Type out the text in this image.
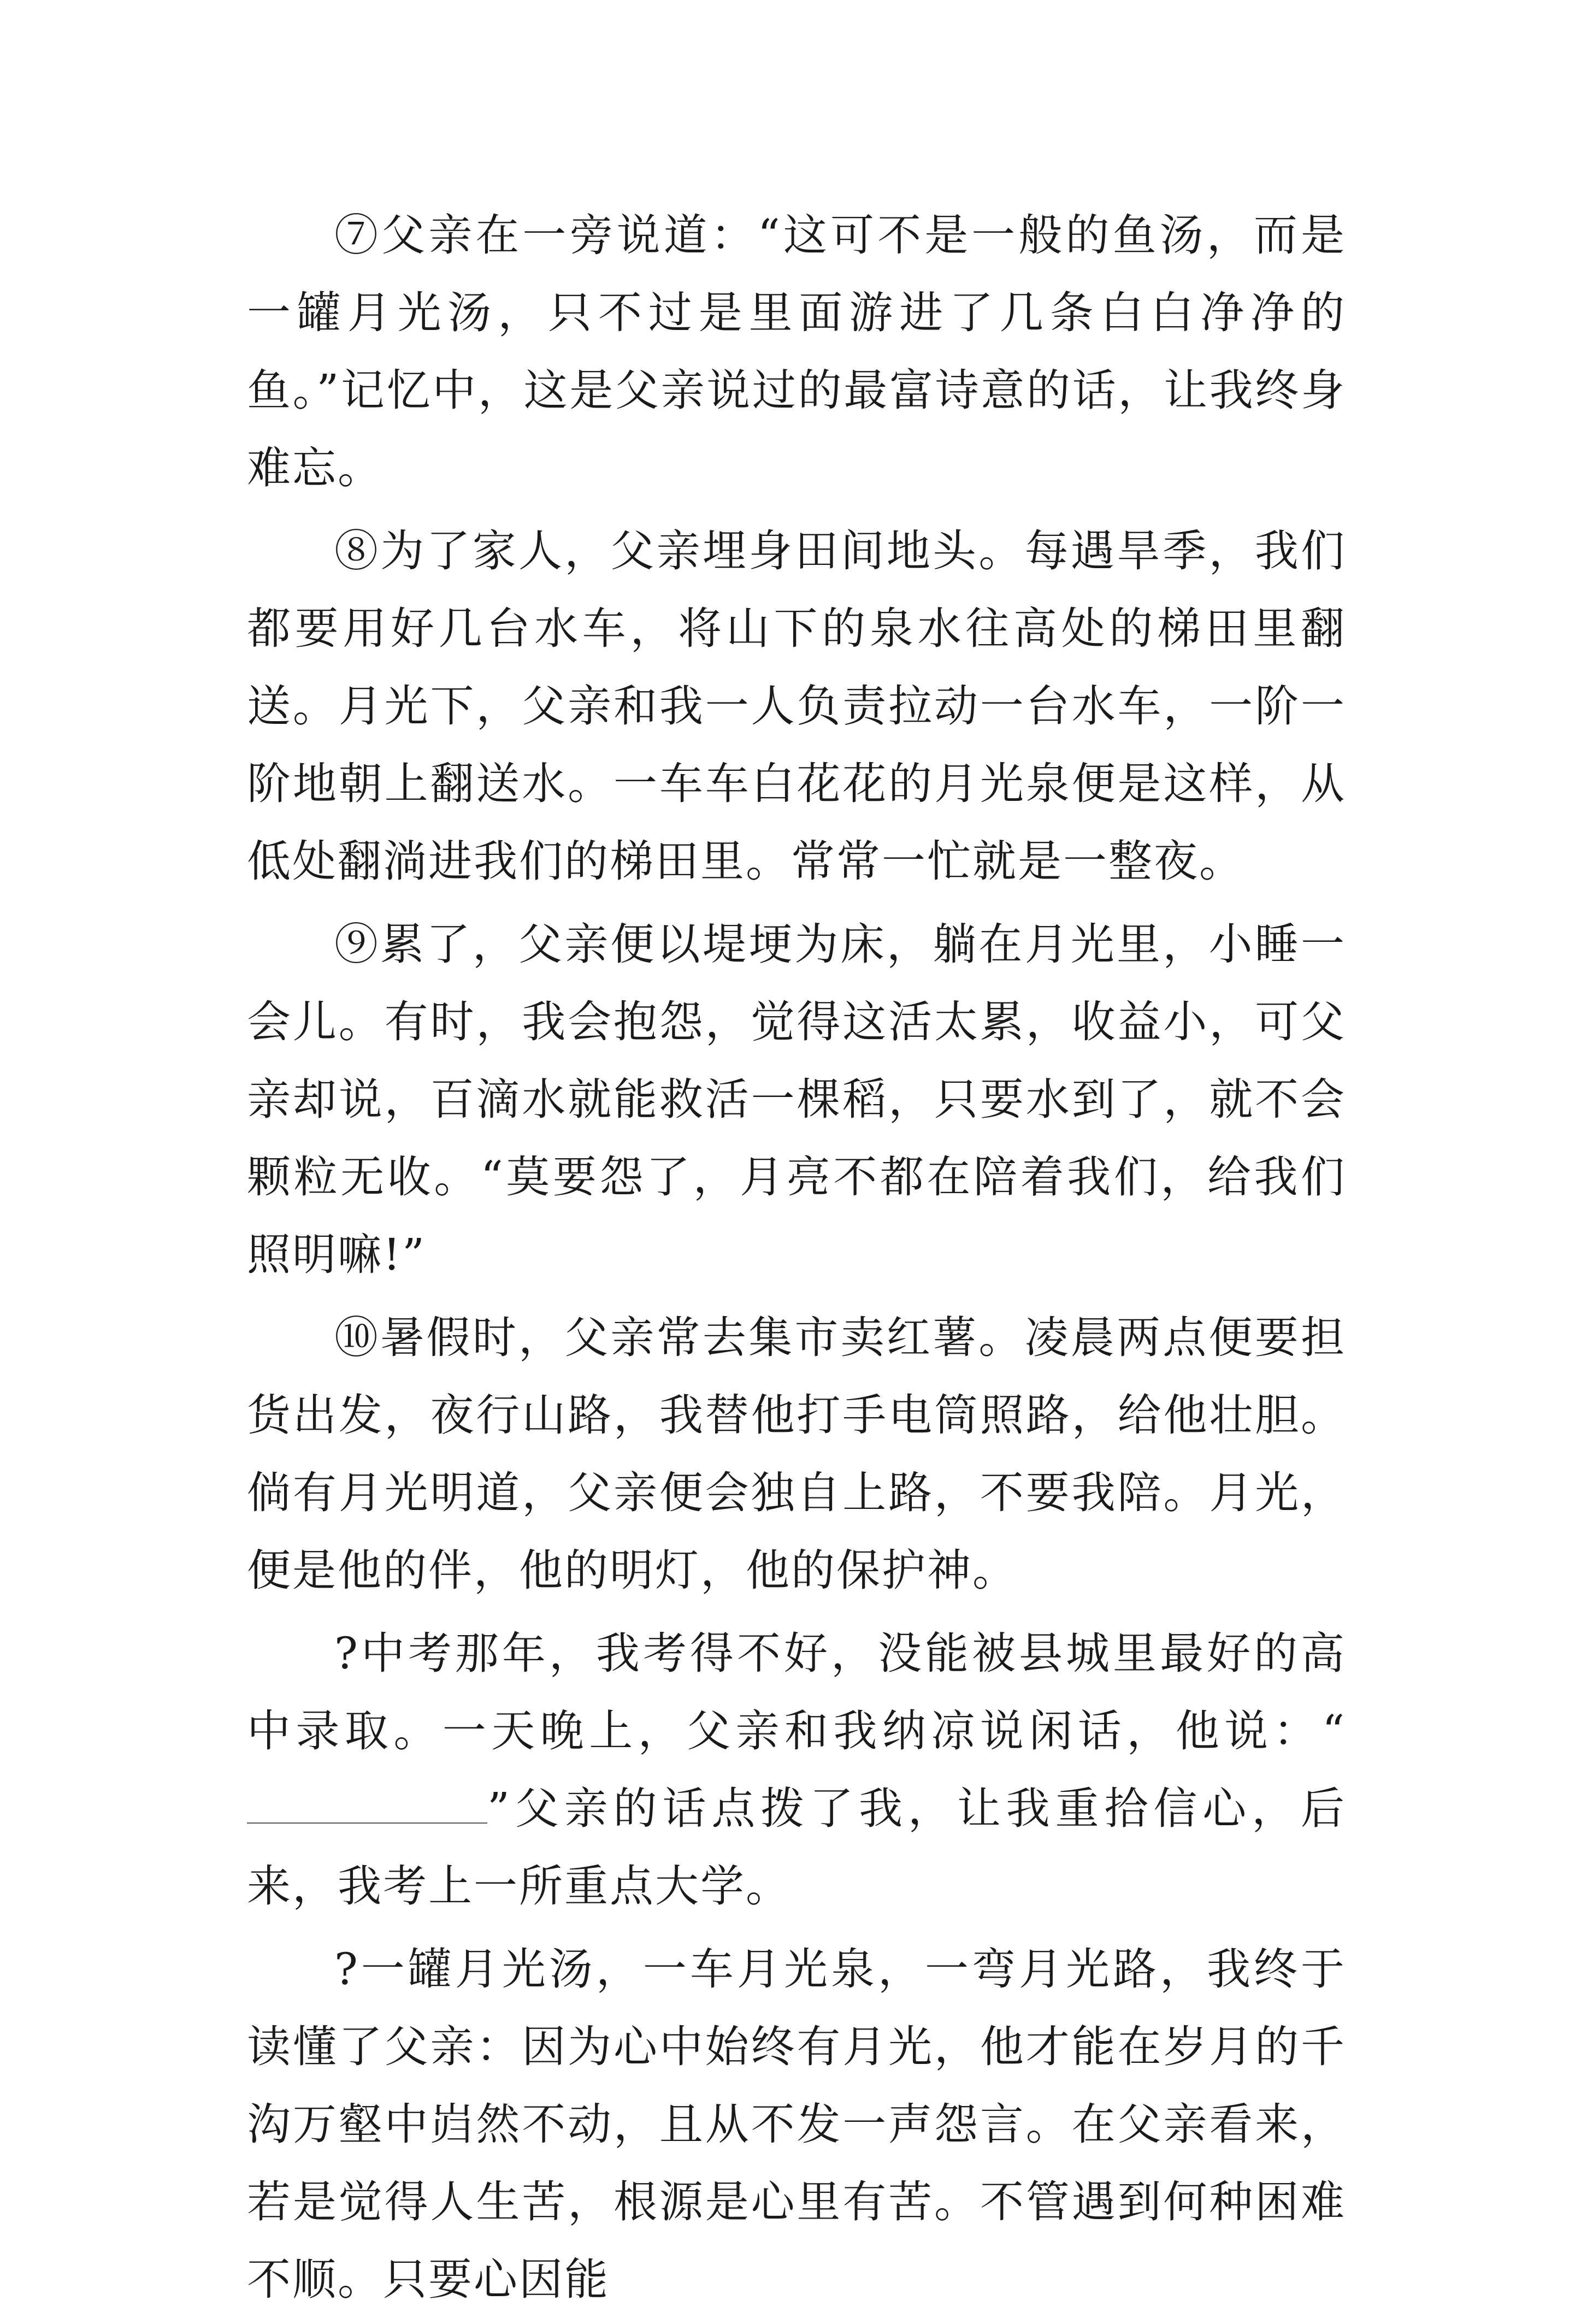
⑦父亲在一旁说道：“这可不是一般的鱼汤，而是一罐月光汤，只不过是里面游进了几条白白净净的鱼。”记忆中，这是父亲说过的最富诗意的话，让我终身难忘。

⑧为了家人，父亲埋身田间地头。每遇旱季，我们都要用好几台水车，将山下的泉水往高处的梯田里翻送。月光下，父亲和我一人负责拉动一台水车，一阶一阶地朝上翻送水。一车车白花花的月光泉便是这样，从低处翻淌进我们的梯田里。常常一忙就是一整夜。

⑨累了，父亲便以堤埂为床，躺在月光里，小睡一会儿。有时，我会抱怨，觉得这活太累，收益小，可父亲却说，百滴水就能救活一棵稻，只要水到了，就不会颗粒无收。“莫要怨了，月亮不都在陪着我们，给我们照明嘛!”

⑩暑假时，父亲常去集市卖红薯。凌晨两点便要担货出发，夜行山路，我替他打手电筒照路，给他壮胆。倘有月光明道，父亲便会独自上路，不要我陪。月光，便是他的伴，他的明灯，他的保护神。

?中考那年，我考得不好，没能被县城里最好的高中录取。一天晚上，父亲和我纳凉说闲话，他说：“”父亲的话点拨了我，让我重拾信心，后来，我考上一所重点大学。

?一罐月光汤，一车月光泉，一弯月光路，我终于读懂了父亲：因为心中始终有月光，他才能在岁月的千沟万壑中岿然不动，且从不发一声怨言。在父亲看来，若是觉得人生苦，根源是心里有苦。不管遇到何种困难不顺。只要心因能
